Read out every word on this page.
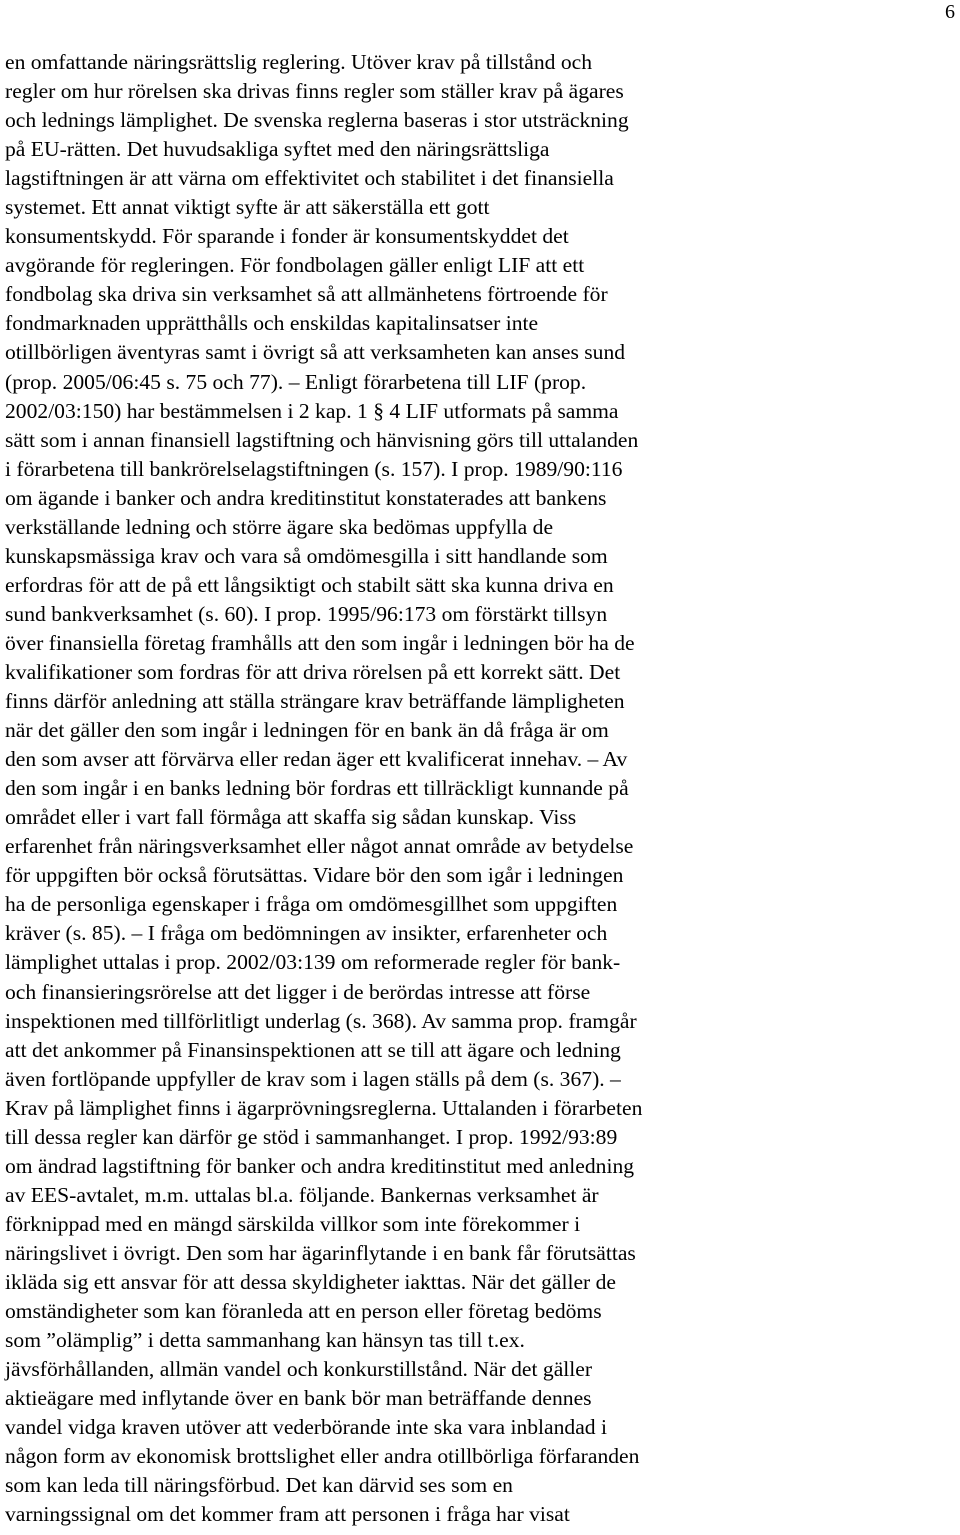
6
en omfattande näringsrättslig reglering. Utöver krav på tillstånd och
regler om hur rörelsen ska drivas finns regler som ställer krav på ägares
och lednings lämplighet. De svenska reglerna baseras i stor utsträckning
på EU-rätten. Det huvudsakliga syftet med den näringsrättsliga
lagstiftningen är att värna om effektivitet och stabilitet i det finansiella
systemet. Ett annat viktigt syfte är att säkerställa ett gott
konsumentskydd. För sparande i fonder är konsumentskyddet det
avgörande för regleringen. För fondbolagen gäller enligt LIF att ett
fondbolag ska driva sin verksamhet så att allmänhetens förtroende för
fondmarknaden upprätthålls och enskildas kapitalinsatser inte
otillbörligen äventyras samt i övrigt så att verksamheten kan anses sund
(prop. 2005/06:45 s. 75 och 77). – Enligt förarbetena till LIF (prop.
2002/03:150) har bestämmelsen i 2 kap. 1 § 4 LIF utformats på samma
sätt som i annan finansiell lagstiftning och hänvisning görs till uttalanden
i förarbetena till bankrörelselagstiftningen (s. 157). I prop. 1989/90:116
om ägande i banker och andra kreditinstitut konstaterades att bankens
verkställande ledning och större ägare ska bedömas uppfylla de
kunskapsmässiga krav och vara så omdömesgilla i sitt handlande som
erfordras för att de på ett långsiktigt och stabilt sätt ska kunna driva en
sund bankverksamhet (s. 60). I prop. 1995/96:173 om förstärkt tillsyn
över finansiella företag framhålls att den som ingår i ledningen bör ha de
kvalifikationer som fordras för att driva rörelsen på ett korrekt sätt. Det
finns därför anledning att ställa strängare krav beträffande lämpligheten
när det gäller den som ingår i ledningen för en bank än då fråga är om
den som avser att förvärva eller redan äger ett kvalificerat innehav. – Av
den som ingår i en banks ledning bör fordras ett tillräckligt kunnande på
området eller i vart fall förmåga att skaffa sig sådan kunskap. Viss
erfarenhet från näringsverksamhet eller något annat område av betydelse
för uppgiften bör också förutsättas. Vidare bör den som igår i ledningen
ha de personliga egenskaper i fråga om omdömesgillhet som uppgiften
kräver (s. 85). – I fråga om bedömningen av insikter, erfarenheter och
lämplighet uttalas i prop. 2002/03:139 om reformerade regler för bank-
och finansieringsrörelse att det ligger i de berördas intresse att förse
inspektionen med tillförlitligt underlag (s. 368). Av samma prop. framgår
att det ankommer på Finansinspektionen att se till att ägare och ledning
även fortlöpande uppfyller de krav som i lagen ställs på dem (s. 367). –
Krav på lämplighet finns i ägarprövningsreglerna. Uttalanden i förarbeten
till dessa regler kan därför ge stöd i sammanhanget. I prop. 1992/93:89
om ändrad lagstiftning för banker och andra kreditinstitut med anledning
av EES-avtalet, m.m. uttalas bl.a. följande. Bankernas verksamhet är
förknippad med en mängd särskilda villkor som inte förekommer i
näringslivet i övrigt. Den som har ägarinflytande i en bank får förutsättas
ikläda sig ett ansvar för att dessa skyldigheter iakttas. När det gäller de
omständigheter som kan föranleda att en person eller företag bedöms
som ”olämplig” i detta sammanhang kan hänsyn tas till t.ex.
jävsförhållanden, allmän vandel och konkurstillstånd. När det gäller
aktieägare med inflytande över en bank bör man beträffande dennes
vandel vidga kraven utöver att vederbörande inte ska vara inblandad i
någon form av ekonomisk brottslighet eller andra otillbörliga förfaranden
som kan leda till näringsförbud. Det kan därvid ses som en
varningssignal om det kommer fram att personen i fråga har visat
